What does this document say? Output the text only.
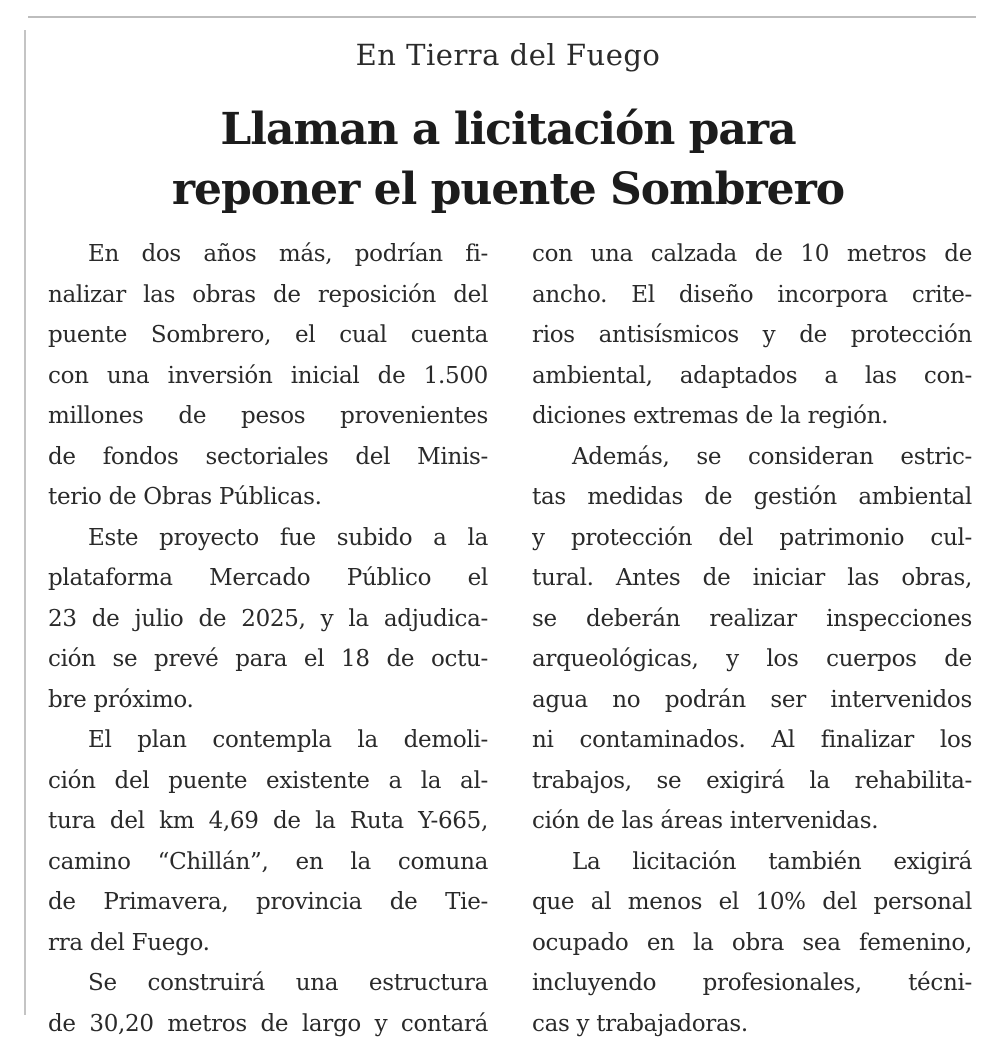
En Tierra del Fuego
Llaman a licitación para
reponer el puente Sombrero
En dos años más, podrían fi-
nalizar las obras de reposición del
puente Sombrero, el cual cuenta
con una inversión inicial de 1.500
millones de pesos provenientes
de fondos sectoriales del Minis-
terio de Obras Públicas.
Este proyecto fue subido a la
plataforma Mercado Público el
23 de julio de 2025, y la adjudica-
ción se prevé para el 18 de octu-
bre próximo.
El plan contempla la demoli-
ción del puente existente a la al-
tura del km 4,69 de la Ruta Y-665,
camino “Chillán”, en la comuna
de Primavera, provincia de Tie-
rra del Fuego.
Se construirá una estructura
de 30,20 metros de largo y contará
con una calzada de 10 metros de
ancho. El diseño incorpora crite-
rios antisísmicos y de protección
ambiental, adaptados a las con-
diciones extremas de la región.
Además, se consideran estric-
tas medidas de gestión ambiental
y protección del patrimonio cul-
tural. Antes de iniciar las obras,
se deberán realizar inspecciones
arqueológicas, y los cuerpos de
agua no podrán ser intervenidos
ni contaminados. Al finalizar los
trabajos, se exigirá la rehabilita-
ción de las áreas intervenidas.
La licitación también exigirá
que al menos el 10% del personal
ocupado en la obra sea femenino,
incluyendo profesionales, técni-
cas y trabajadoras.
